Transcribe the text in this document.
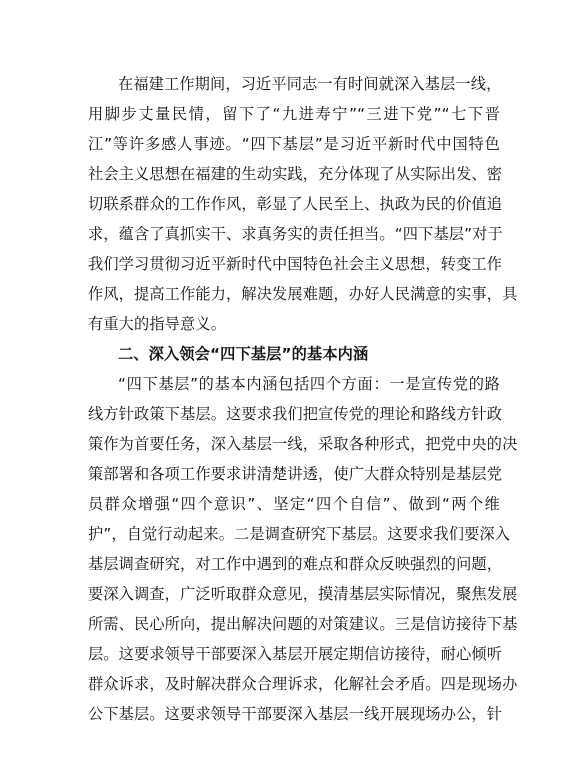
在福建工作期间，习近平同志一有时间就深入基层一线，
用脚步丈量民情，留下了“九进寿宁”“三进下党”“七下晋
江”等许多感人事迹。“四下基层”是习近平新时代中国特色
社会主义思想在福建的生动实践，充分体现了从实际出发、密
切联系群众的工作作风，彰显了人民至上、执政为民的价值追
求，蕴含了真抓实干、求真务实的责任担当。“四下基层”对于
我们学习贯彻习近平新时代中国特色社会主义思想，转变工作
作风，提高工作能力，解决发展难题，办好人民满意的实事，具
有重大的指导意义。
二、深入领会“四下基层”的基本内涵
“四下基层”的基本内涵包括四个方面：一是宣传党的路
线方针政策下基层。这要求我们把宣传党的理论和路线方针政
策作为首要任务，深入基层一线，采取各种形式，把党中央的决
策部署和各项工作要求讲清楚讲透，使广大群众特别是基层党
员群众增强“四个意识”、坚定“四个自信”、做到“两个维
护”，自觉行动起来。二是调查研究下基层。这要求我们要深入
基层调查研究，对工作中遇到的难点和群众反映强烈的问题，
要深入调查，广泛听取群众意见，摸清基层实际情况，聚焦发展
所需、民心所向，提出解决问题的对策建议。三是信访接待下基
层。这要求领导干部要深入基层开展定期信访接待，耐心倾听
群众诉求，及时解决群众合理诉求，化解社会矛盾。四是现场办
公下基层。这要求领导干部要深入基层一线开展现场办公，针
